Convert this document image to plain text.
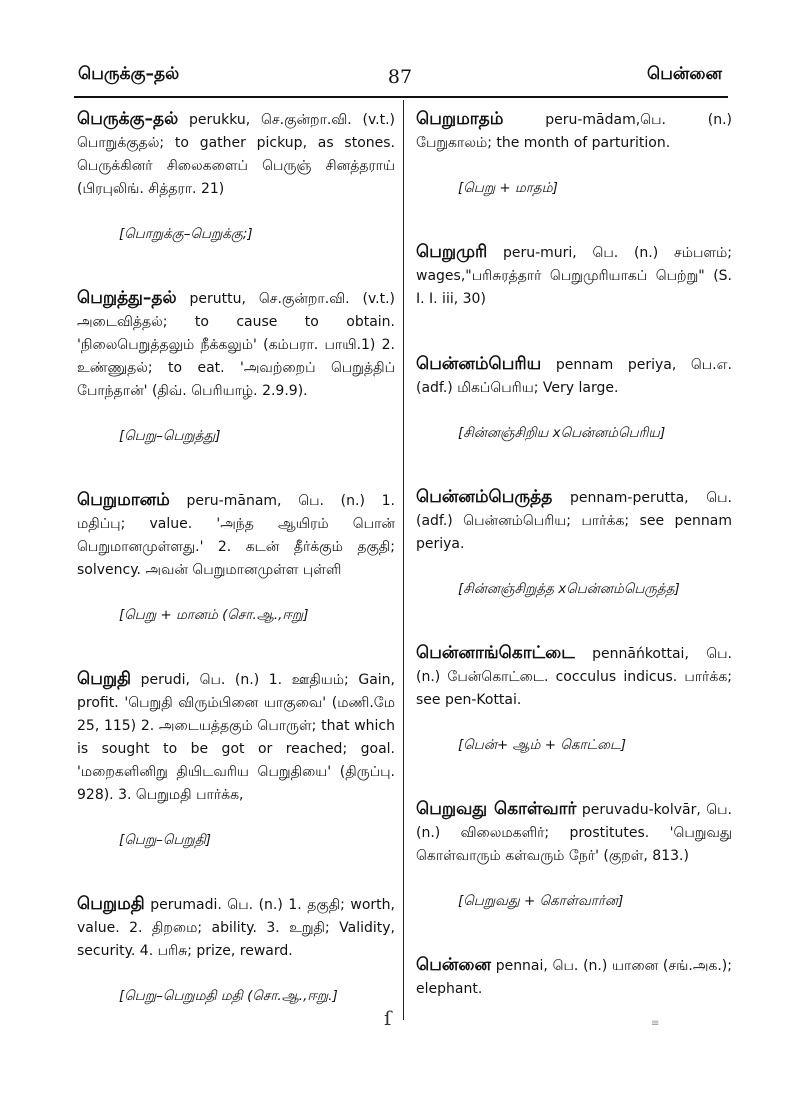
பெருக்கு–தல்	87	பென்னை
பெருக்கு–தல் perukku, செ.குன்றா.வி. (v.t.) பொறுக்குதல்; to gather pickup, as stones. பெருக்கினர் சிலைகளைப் பெருஞ் சினத்தராய் (பிரபுலிங். சித்தரா. 21)
[பொறுக்கு–பெறுக்கு;]
பெறுத்து–தல் peruttu, செ.குன்றா.வி. (v.t.) அடைவித்தல்; to cause to obtain. 'நிலைபெறுத்தலும் நீக்கலும்' (கம்பரா. பாயி.1) 2. உண்ணுதல்; to eat. 'அவற்றைப் பெறுத்திப் போந்தான்' (திவ். பெரியாழ். 2.9.9).
[பெறு–பெறுத்து]
பெறுமானம் peru-mānam, பெ. (n.) 1. மதிப்பு; value. 'அந்த ஆயிரம் பொன் பெறுமானமுள்ளது.' 2. கடன் தீர்க்கும் தகுதி; solvency. அவன் பெறுமானமுள்ள புள்ளி
[பெறு + மானம் (சொ.ஆ.,ஈறு]
பெறுதி perudi, பெ. (n.) 1. ஊதியம்; Gain, profit. 'பெறுதி விரும்பினை யாகுவை' (மணி.மே 25, 115) 2. அடையத்தகும் பொருள்; that which is sought to be got or reached; goal. 'மறைகளினிறு தியிடவரிய பெறுதியை' (திருப்பு. 928). 3. பெறுமதி பார்க்க,
[பெறு–பெறுதி]
பெறுமதி perumadi. பெ. (n.) 1. தகுதி; worth, value. 2. திறமை; ability. 3. உறுதி; Validity, security. 4. பரிசு; prize, reward.
[பெறு–பெறுமதி மதி (சொ.ஆ.,ஈறு.]
பெறுமாதம்	peru-mādam,பெ. (n.) பேறுகாலம்; the month of parturition.
[பெறு + மாதம்]
பெறுமுரி peru-muri, பெ. (n.) சம்பளம்; wages,"பரிசுரத்தார் பெறுமுரியாகப் பெற்று" (S. I. I. iii, 30)
பென்னம்பெரிய pennam periya, பெ.எ. (adf.) மிகப்பெரிய; Very large.
[சின்னஞ்சிறிய xபென்னம்பெரிய]
பென்னம்பெருத்த pennam-perutta, பெ. (adf.) பென்னம்பெரிய; பார்க்க; see pennam periya.
[சின்னஞ்சிறுத்த xபென்னம்பெருத்த]
பென்னாங்கொட்டை pennāńkottai, பெ. (n.) பேன்கொட்டை. cocculus indicus. பார்க்க; see pen-Kottai.
[பென்+ ஆம் + கொட்டை]
பெறுவது கொள்வார் peruvadu-kolvār, பெ. (n.) விலைமகளிர்; prostitutes. 'பெறுவது கொள்வாரும் கள்வரும் நேர்' (குறள், 813.)
[பெறுவது + கொள்வார்ன]
பென்னை pennai, பெ. (n.) யானை (சங்.அக.); elephant.
ſ	≡
